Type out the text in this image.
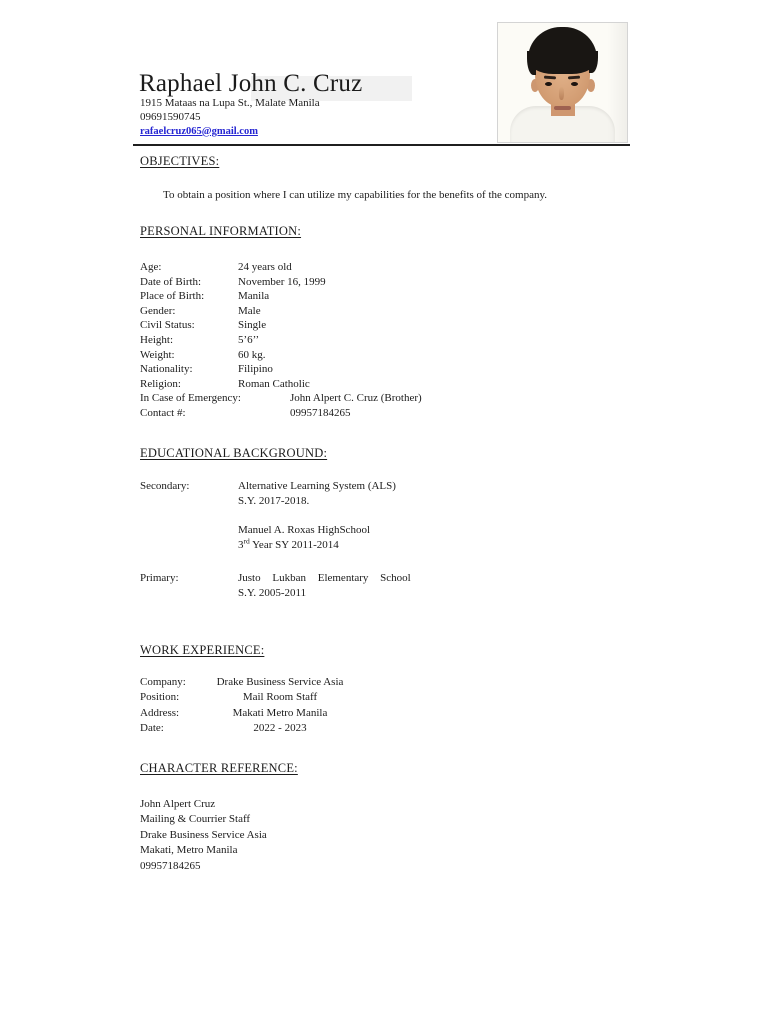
Raphael John C. Cruz
1915 Mataas na Lupa St., Malate Manila
09691590745
rafaelcruz065@gmail.com
OBJECTIVES:
To obtain a position where I can utilize my capabilities for the benefits of the company.
PERSONAL INFORMATION:
Age:	24 years old
Date of Birth:	November 16, 1999
Place of Birth:	Manila
Gender:	Male
Civil Status:	Single
Height:	5’6’’
Weight:	60 kg.
Nationality:	Filipino
Religion:	Roman Catholic
In Case of Emergency:	John Alpert C. Cruz (Brother)
Contact #:	09957184265
EDUCATIONAL BACKGROUND:
Secondary:	Alternative Learning System (ALS)
S.Y. 2017-2018.
Manuel A. Roxas HighSchool
3rd Year SY 2011-2014
Primary:	Justo Lukban Elementary School
S.Y. 2005-2011
WORK EXPERIENCE:
Company:	Drake Business Service Asia
Position:	Mail Room Staff
Address:	Makati Metro Manila
Date:	2022 - 2023
CHARACTER REFERENCE:
John Alpert Cruz
Mailing & Courrier Staff
Drake Business Service Asia
Makati, Metro Manila
09957184265
